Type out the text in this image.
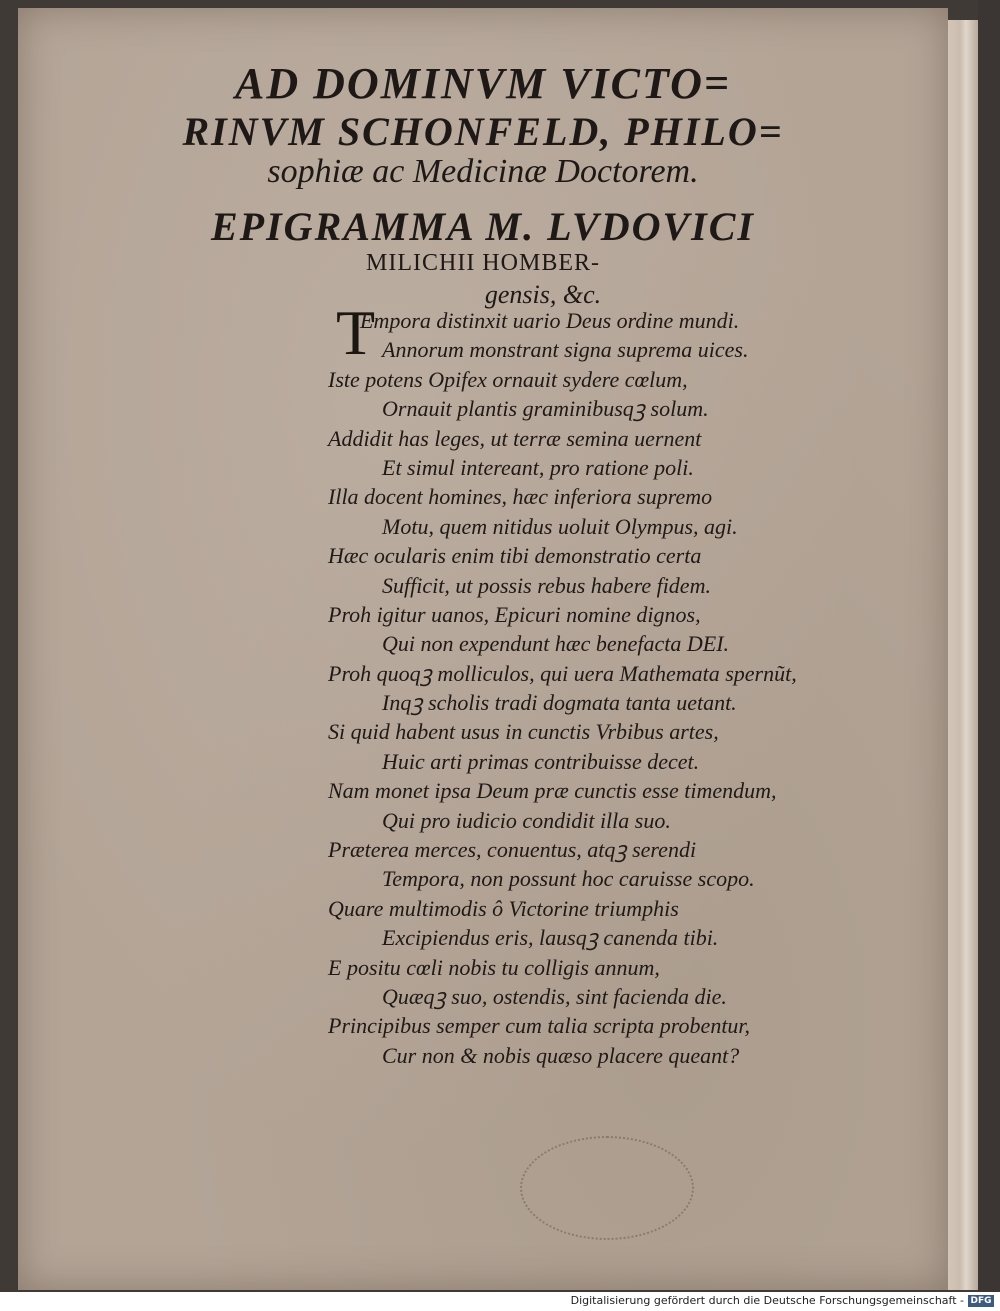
AD DOMINVM VICTO=
RINVM SCHONFELD, PHILO=
sophiæ ac Medicinæ Doctorem.
EPIGRAMMA M. LVDOVICI
MILICHII HOMBER-
gensis, &c.
T
Empora distinxit uario Deus ordine mundi.
Annorum monstrant signa suprema uices.
Iste potens Opifex ornauit sydere cœlum,
Ornauit plantis graminibusqꝫ solum.
Addidit has leges, ut terræ semina uernent
Et simul intereant, pro ratione poli.
Illa docent homines, hæc inferiora supremo
Motu, quem nitidus uoluit Olympus, agi.
Hæc ocularis enim tibi demonstratio certa
Sufficit, ut possis rebus habere fidem.
Proh igitur uanos, Epicuri nomine dignos,
Qui non expendunt hæc benefacta DEI.
Proh quoqꝫ molliculos, qui uera Mathemata spernũt,
Inqꝫ scholis tradi dogmata tanta uetant.
Si quid habent usus in cunctis Vrbibus artes,
Huic arti primas contribuisse decet.
Nam monet ipsa Deum præ cunctis esse timendum,
Qui pro iudicio condidit illa suo.
Præterea merces, conuentus, atqꝫ serendi
Tempora, non possunt hoc caruisse scopo.
Quare multimodis ô Victorine triumphis
Excipiendus eris, lausqꝫ canenda tibi.
E positu cœli nobis tu colligis annum,
Quæqꝫ suo, ostendis, sint facienda die.
Principibus semper cum talia scripta probentur,
Cur non & nobis quæso placere queant?
Digitalisierung gefördert durch die Deutsche Forschungsgemeinschaft - DFG
